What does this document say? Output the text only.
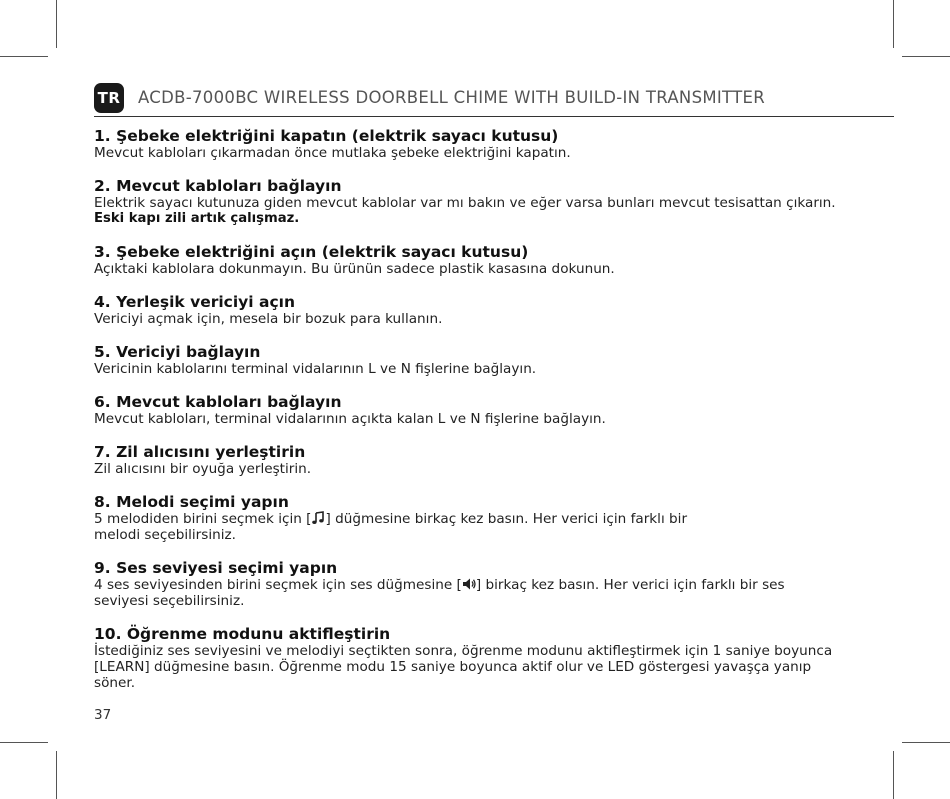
TR ACDB-7000BC WIRELESS DOORBELL CHIME WITH BUILD-IN TRANSMITTER
1. Şebeke elektriğini kapatın (elektrik sayacı kutusu)
Mevcut kabloları çıkarmadan önce mutlaka şebeke elektriğini kapatın.
2. Mevcut kabloları bağlayın
Elektrik sayacı kutunuza giden mevcut kablolar var mı bakın ve eğer varsa bunları mevcut tesisattan çıkarın.
Eski kapı zili artık çalışmaz.
3. Şebeke elektriğini açın (elektrik sayacı kutusu)
Açıktaki kablolara dokunmayın. Bu ürünün sadece plastik kasasına dokunun.
4. Yerleşik vericiyi açın
Vericiyi açmak için, mesela bir bozuk para kullanın.
5. Vericiyi bağlayın
Vericinin kablolarını terminal vidalarının L ve N fişlerine bağlayın.
6. Mevcut kabloları bağlayın
Mevcut kabloları, terminal vidalarının açıkta kalan L ve N fişlerine bağlayın.
7. Zil alıcısını yerleştirin
Zil alıcısını bir oyuğa yerleştirin.
8. Melodi seçimi yapın
5 melodiden birini seçmek için [ ] düğmesine birkaç kez basın. Her verici için farklı bir melodi seçebilirsiniz.
9. Ses seviyesi seçimi yapın
4 ses seviyesinden birini seçmek için ses düğmesine [ ] birkaç kez basın. Her verici için farklı bir ses seviyesi seçebilirsiniz.
10. Öğrenme modunu aktifleştirin
İstediğiniz ses seviyesini ve melodiyi seçtikten sonra, öğrenme modunu aktifleştirmek için 1 saniye boyunca [LEARN] düğmesine basın. Öğrenme modu 15 saniye boyunca aktif olur ve LED göstergesi yavaşça yanıp söner.
37
